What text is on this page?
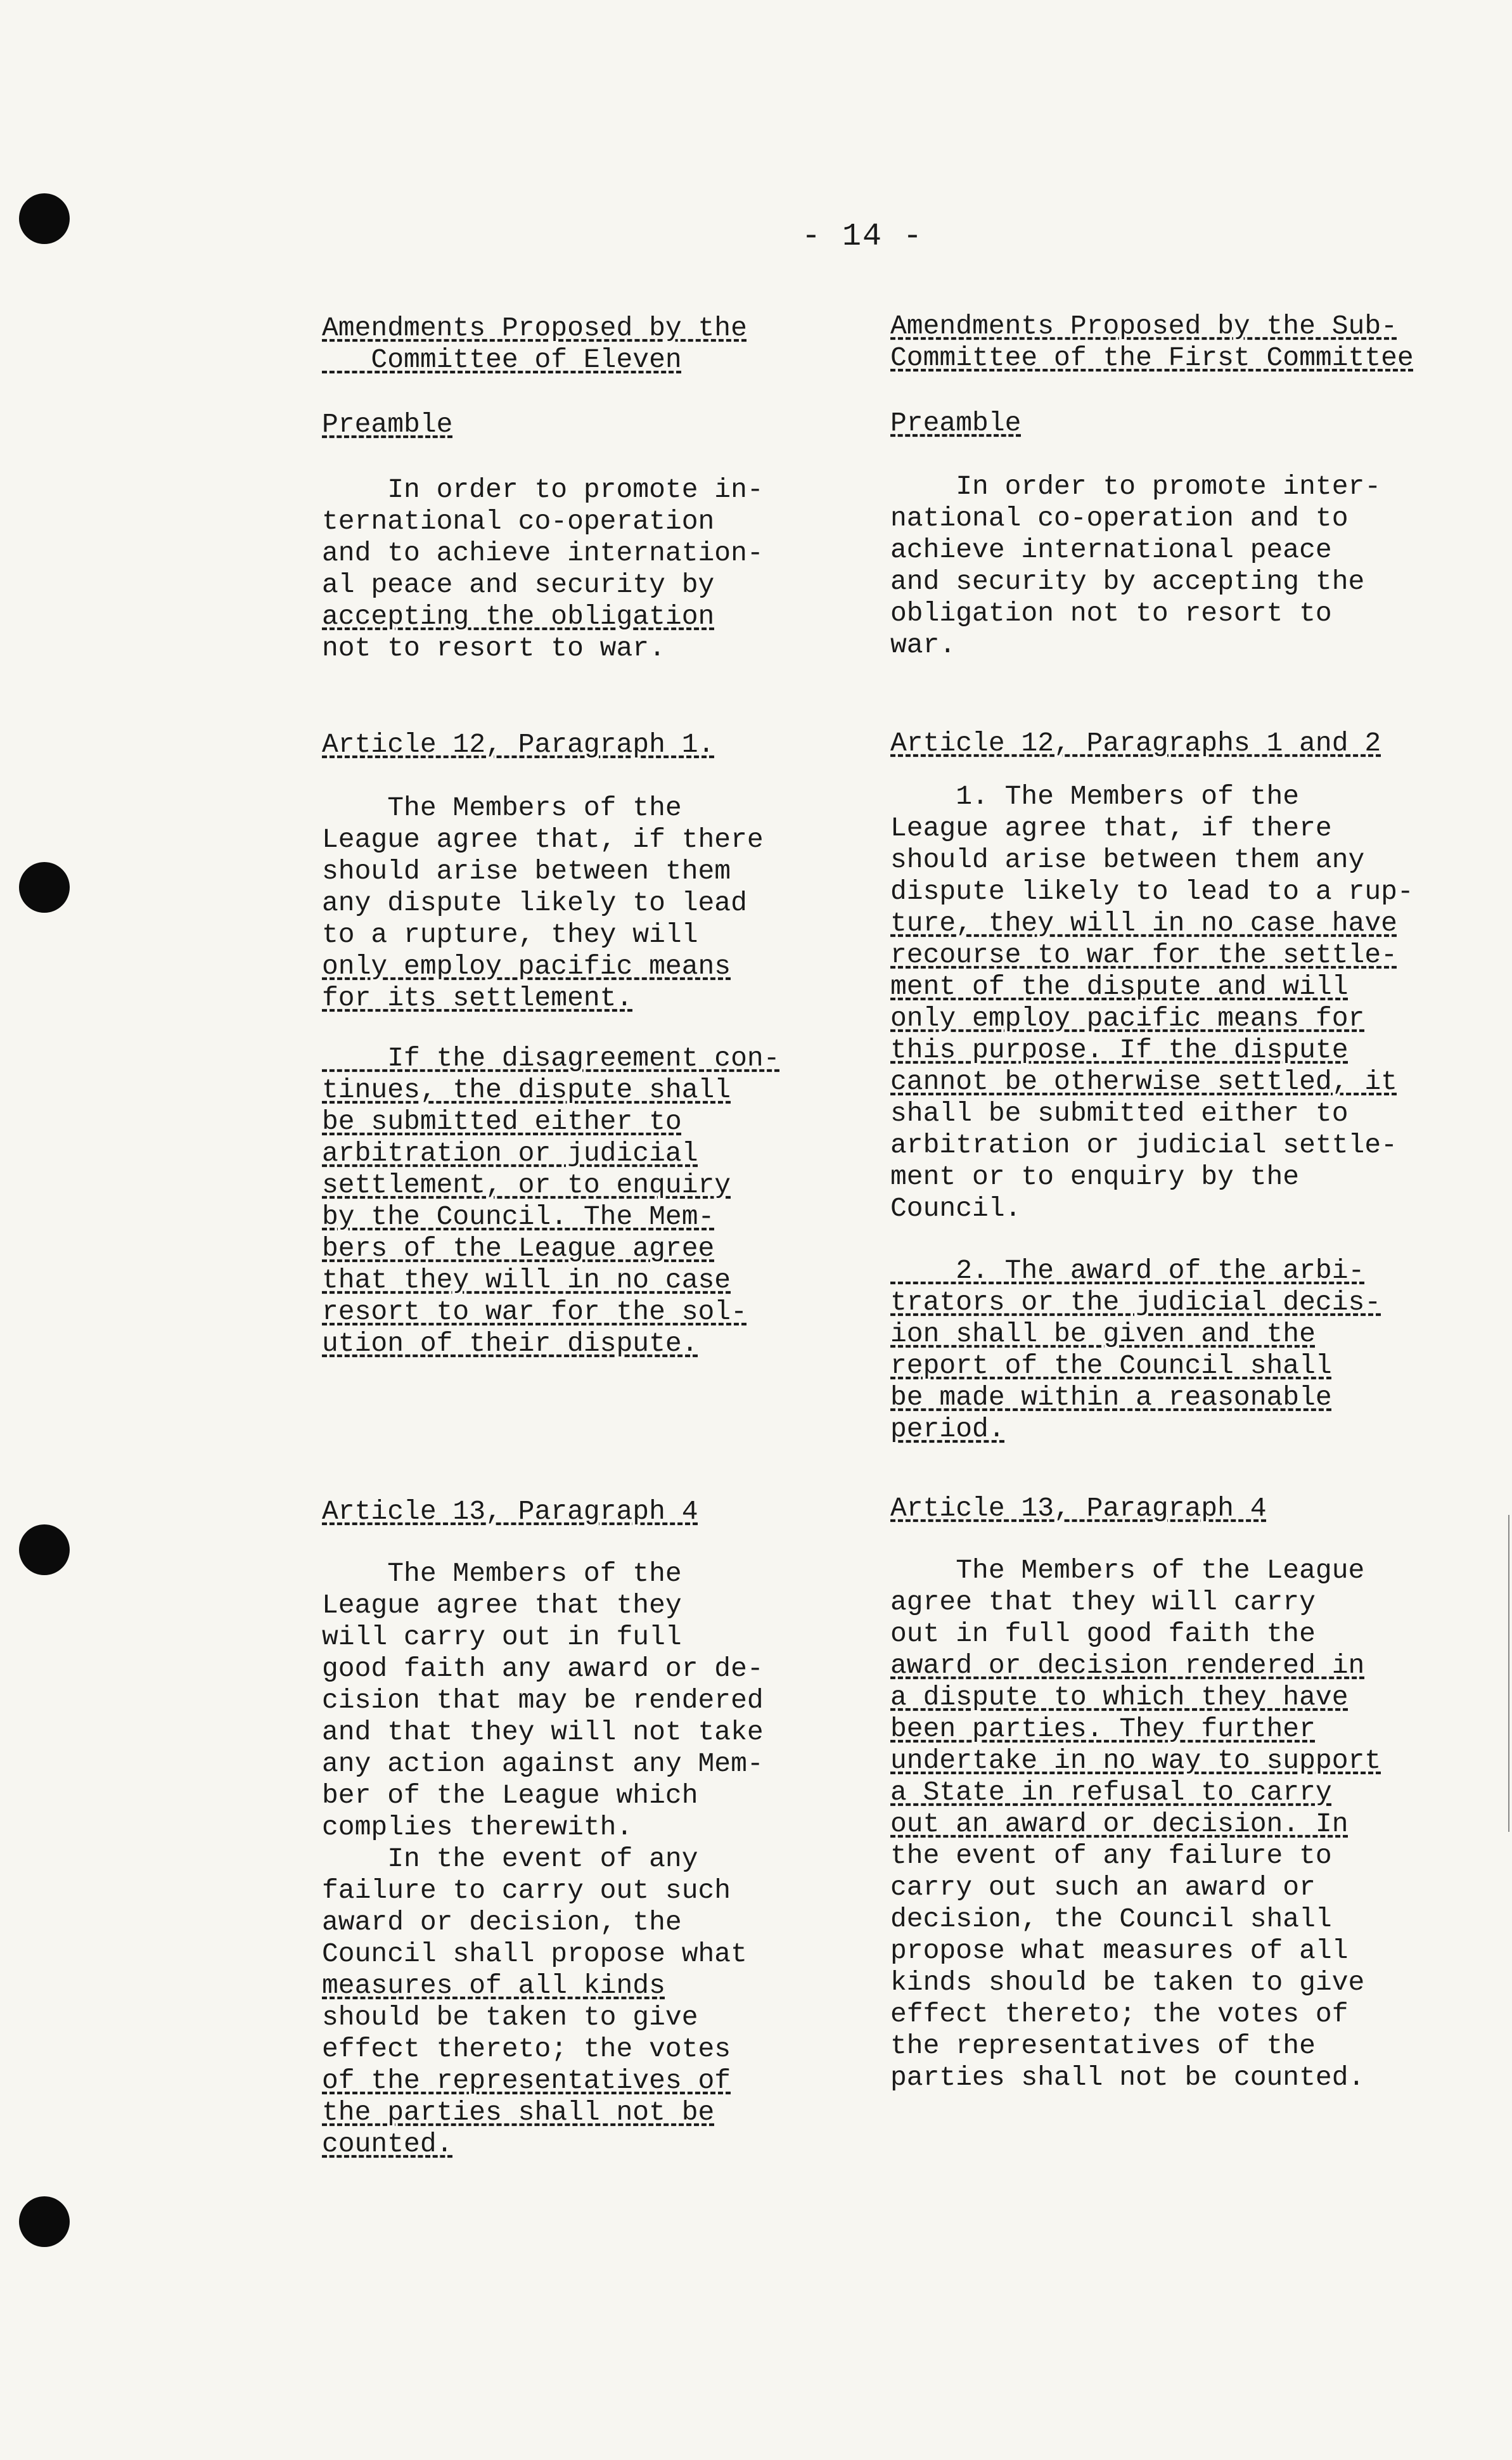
- 14 -
Amendments Proposed by the
Committee of Eleven
Preamble
In order to promote in-
ternational co-operation
and to achieve internation-
al peace and security by
accepting the obligation
not to resort to war.
Article 12, Paragraph 1.
The Members of the
League agree that, if there
should arise between them
any dispute likely to lead
to a rupture, they will
only employ pacific means
for its settlement.
If the disagreement con-
tinues, the dispute shall
be submitted either to
arbitration or judicial
settlement, or to enquiry
by the Council. The Mem-
bers of the League agree
that they will in no case
resort to war for the sol-
ution of their dispute.
Article 13, Paragraph 4
The Members of the
League agree that they
will carry out in full
good faith any award or de-
cision that may be rendered
and that they will not take
any action against any Mem-
ber of the League which
complies therewith.
In the event of any
failure to carry out such
award or decision, the
Council shall propose what
measures of all kinds
should be taken to give
effect thereto; the votes
of the representatives of
the parties shall not be
counted.
Amendments Proposed by the Sub-
Committee of the First Committee
Preamble
In order to promote inter-
national co-operation and to
achieve international peace
and security by accepting the
obligation not to resort to
war.
Article 12, Paragraphs 1 and 2
1. The Members of the
League agree that, if there
should arise between them any
dispute likely to lead to a rup-
ture, they will in no case have
recourse to war for the settle-
ment of the dispute and will
only employ pacific means for
this purpose. If the dispute
cannot be otherwise settled, it
shall be submitted either to
arbitration or judicial settle-
ment or to enquiry by the
Council.
2. The award of the arbi-
trators or the judicial decis-
ion shall be given and the
report of the Council shall
be made within a reasonable
period.
Article 13, Paragraph 4
The Members of the League
agree that they will carry
out in full good faith the
award or decision rendered in
a dispute to which they have
been parties. They further
undertake in no way to support
a State in refusal to carry
out an award or decision. In
the event of any failure to
carry out such an award or
decision, the Council shall
propose what measures of all
kinds should be taken to give
effect thereto; the votes of
the representatives of the
parties shall not be counted.
